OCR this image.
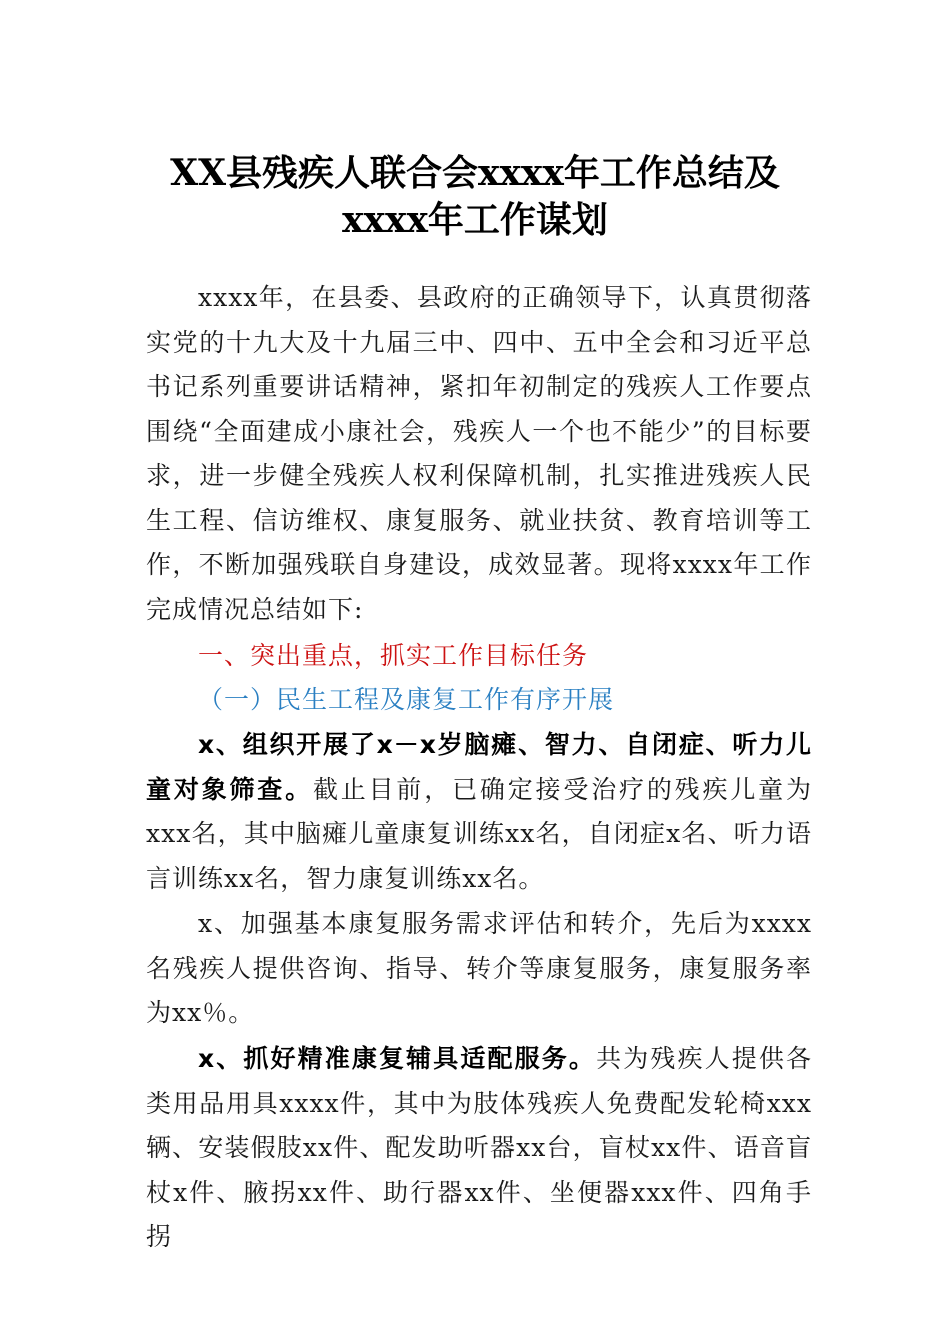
XX县残疾人联合会xxxx年工作总结及
xxxx年工作谋划

xxxx年，在县委、县政府的正确领导下，认真贯彻落实党的十九大及十九届三中、四中、五中全会和习近平总书记系列重要讲话精神，紧扣年初制定的残疾人工作要点围绕“全面建成小康社会，残疾人一个也不能少”的目标要求，进一步健全残疾人权利保障机制，扎实推进残疾人民生工程、信访维权、康复服务、就业扶贫、教育培训等工作，不断加强残联自身建设，成效显著。现将xxxx年工作完成情况总结如下:

一、突出重点，抓实工作目标任务

（一）民生工程及康复工作有序开展

x、组织开展了x－x岁脑瘫、智力、自闭症、听力儿童对象筛查。截止目前，已确定接受治疗的残疾儿童为xxx名，其中脑瘫儿童康复训练xx名，自闭症x名、听力语言训练xx名，智力康复训练xx名。

x、加强基本康复服务需求评估和转介，先后为xxxx名残疾人提供咨询、指导、转介等康复服务，康复服务率为xx％。

x、抓好精准康复辅具适配服务。共为残疾人提供各类用品用具xxxx件，其中为肢体残疾人免费配发轮椅xxx辆、安装假肢xx件、配发助听器xx台，盲杖xx件、语音盲杖x件、腋拐xx件、助行器xx件、坐便器xxx件、四角手拐
